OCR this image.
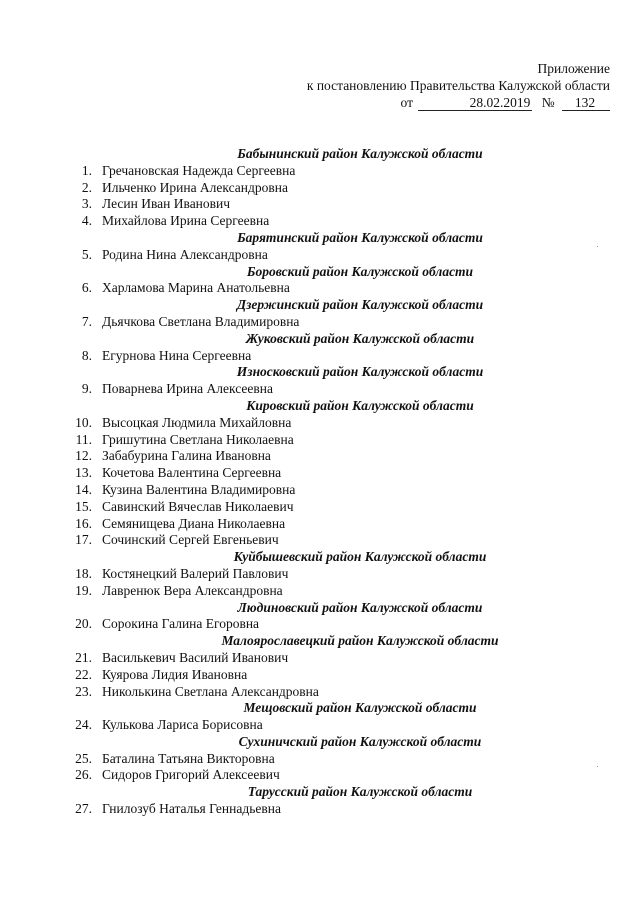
Приложение
к постановлению Правительства Калужской области
от	28.02.2019 № 132
Бабынинский район Калужской области
1. Гречановская Надежда Сергеевна
2. Ильченко Ирина Александровна
3. Лесин Иван Иванович
4. Михайлова Ирина Сергеевна
Барятинский район Калужской области
5. Родина Нина Александровна
Боровский район Калужской области
6. Харламова Марина Анатольевна
Дзержинский район Калужской области
7. Дьячкова Светлана Владимировна
Жуковский район Калужской области
8. Егурнова Нина Сергеевна
Износковский район Калужской области
9. Поварнева Ирина Алексеевна
Кировский район Калужской области
10. Высоцкая Людмила Михайловна
11. Гришутина Светлана Николаевна
12. Забабурина Галина Ивановна
13. Кочетова Валентина Сергеевна
14. Кузина Валентина Владимировна
15. Савинский Вячеслав Николаевич
16. Семянищева Диана Николаевна
17. Сочинский Сергей Евгеньевич
Куйбышевский район Калужской области
18. Костянецкий Валерий Павлович
19. Лавренюк Вера Александровна
Людиновский район Калужской области
20. Сорокина Галина Егоровна
Малоярославецкий район Калужской области
21. Василькевич Василий Иванович
22. Куярова Лидия Ивановна
23. Николькина Светлана Александровна
Мещовский район Калужской области
24. Кулькова Лариса Борисовна
Сухиничский район Калужской области
25. Баталина Татьяна Викторовна
26. Сидоров Григорий Алексеевич
Тарусский район Калужской области
27. Гнилозуб Наталья Геннадьевна
